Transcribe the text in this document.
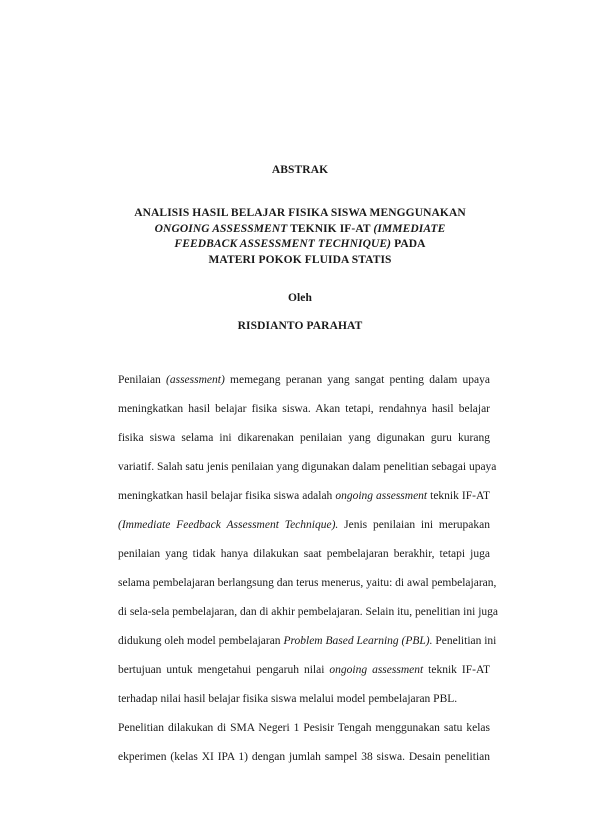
ABSTRAK
ANALISIS HASIL BELAJAR FISIKA SISWA MENGGUNAKAN
ONGOING ASSESSMENT TEKNIK IF-AT (IMMEDIATE
FEEDBACK ASSESSMENT TECHNIQUE) PADA
MATERI POKOK FLUIDA STATIS
Oleh
RISDIANTO PARAHAT
Penilaian (assessment) memegang peranan yang sangat penting dalam upaya
meningkatkan hasil belajar fisika siswa. Akan tetapi, rendahnya hasil belajar
fisika siswa selama ini dikarenakan penilaian yang digunakan guru kurang
variatif. Salah satu jenis penilaian yang digunakan dalam penelitian sebagai upaya
meningkatkan hasil belajar fisika siswa adalah ongoing assessment teknik IF-AT
(Immediate Feedback Assessment Technique). Jenis penilaian ini merupakan
penilaian yang tidak hanya dilakukan saat pembelajaran berakhir, tetapi juga
selama pembelajaran berlangsung dan terus menerus, yaitu: di awal pembelajaran,
di sela-sela pembelajaran, dan di akhir pembelajaran. Selain itu, penelitian ini juga
didukung oleh model pembelajaran Problem Based Learning (PBL). Penelitian ini
bertujuan untuk mengetahui pengaruh nilai ongoing assessment teknik IF-AT
terhadap nilai hasil belajar fisika siswa melalui model pembelajaran PBL.
Penelitian dilakukan di SMA Negeri 1 Pesisir Tengah menggunakan satu kelas
ekperimen (kelas XI IPA 1) dengan jumlah sampel 38 siswa. Desain penelitian
